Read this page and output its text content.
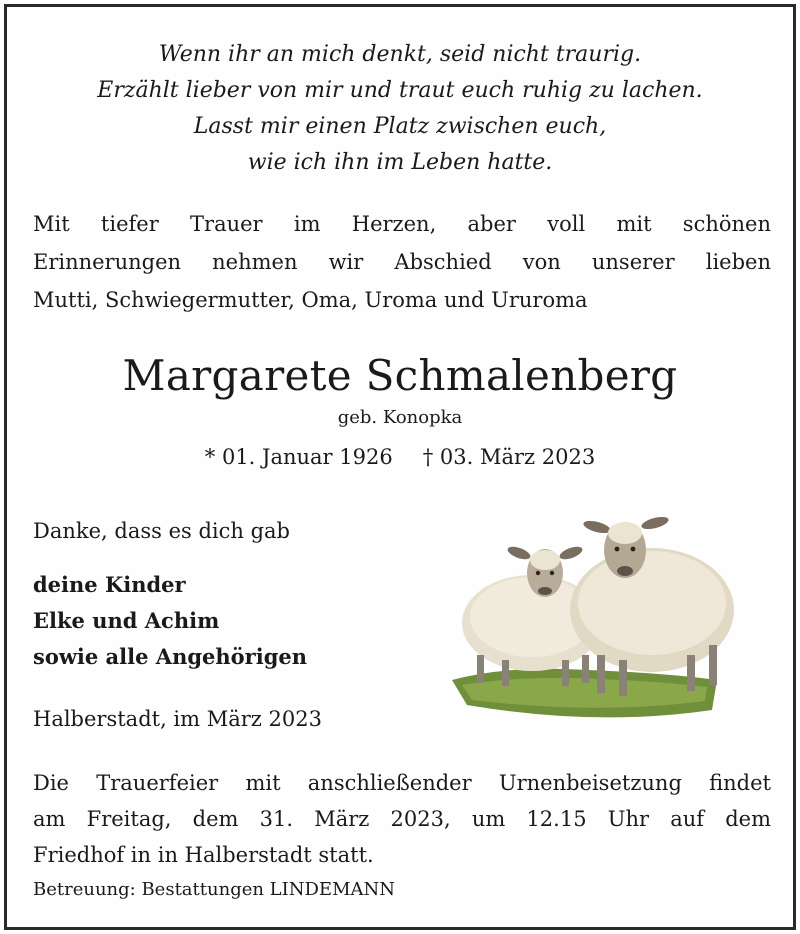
Wenn ihr an mich denkt, seid nicht traurig.
Erzählt lieber von mir und traut euch ruhig zu lachen.
Lasst mir einen Platz zwischen euch,
wie ich ihn im Leben hatte.
Mit tiefer Trauer im Herzen, aber voll mit schönen
Erinnerungen nehmen wir Abschied von unserer lieben
Mutti, Schwiegermutter, Oma, Uroma und Ururoma
Margarete Schmalenberg
geb. Konopka
* 01. Januar 1926 † 03. März 2023
Danke, dass es dich gab
deine Kinder
Elke und Achim
sowie alle Angehörigen
Halberstadt, im März 2023
Die Trauerfeier mit anschließender Urnenbeisetzung findet
am Freitag, dem 31. März 2023, um 12.15 Uhr auf dem
Friedhof in in Halberstadt statt.
Betreuung: Bestattungen LINDEMANN
